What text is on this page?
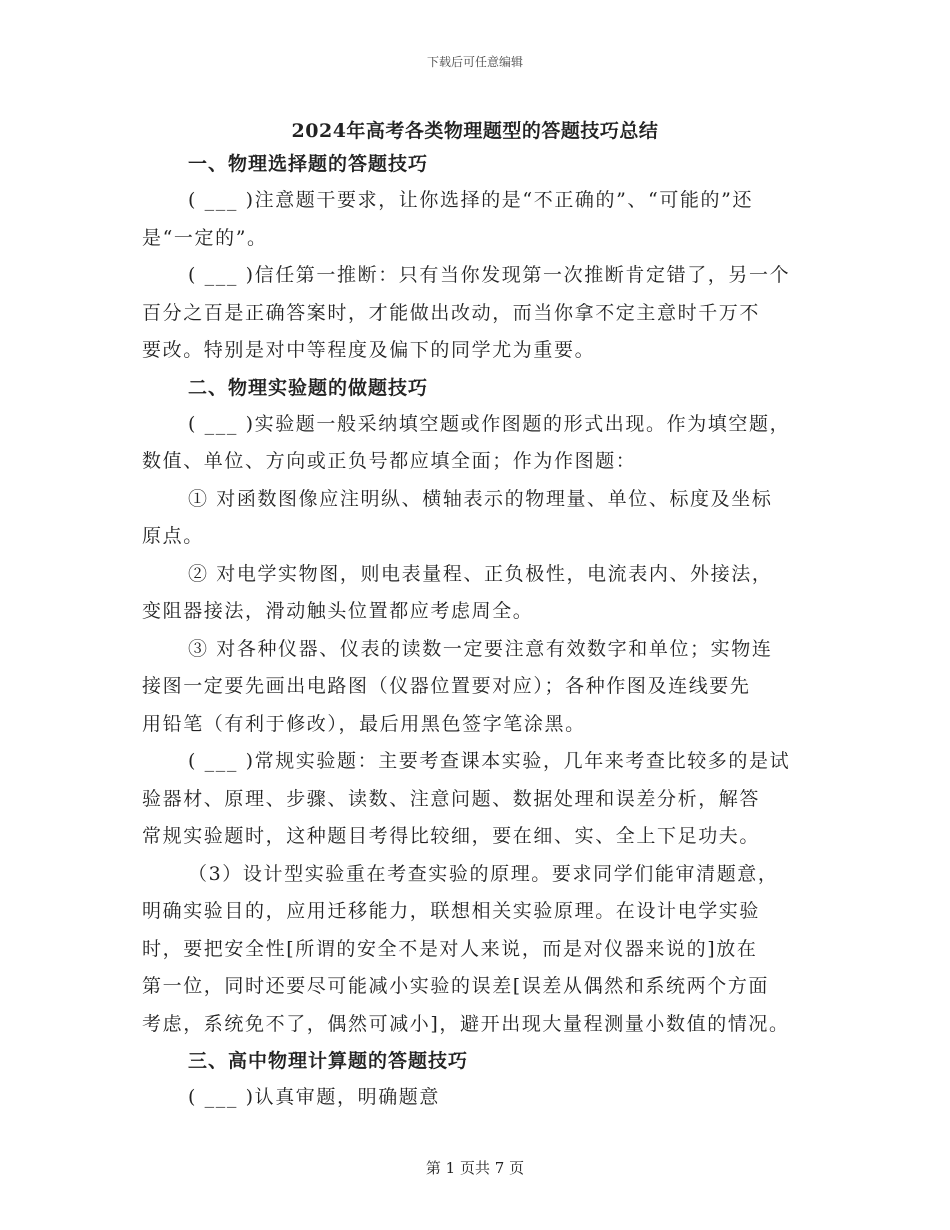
下载后可任意编辑
2024年高考各类物理题型的答题技巧总结
一、物理选择题的答题技巧
( ___ )注意题干要求，让你选择的是“不正确的”、“可能的”还
是“一定的”。
( ___ )信任第一推断：只有当你发现第一次推断肯定错了，另一个
百分之百是正确答案时，才能做出改动，而当你拿不定主意时千万不
要改。特别是对中等程度及偏下的同学尤为重要。
二、物理实验题的做题技巧
( ___ )实验题一般采纳填空题或作图题的形式出现。作为填空题，
数值、单位、方向或正负号都应填全面；作为作图题：
① 对函数图像应注明纵、横轴表示的物理量、单位、标度及坐标
原点。
② 对电学实物图，则电表量程、正负极性，电流表内、外接法，
变阻器接法，滑动触头位置都应考虑周全。
③ 对各种仪器、仪表的读数一定要注意有效数字和单位；实物连
接图一定要先画出电路图（仪器位置要对应）；各种作图及连线要先
用铅笔（有利于修改），最后用黑色签字笔涂黑。
( ___ )常规实验题：主要考查课本实验，几年来考查比较多的是试
验器材、原理、步骤、读数、注意问题、数据处理和误差分析，解答
常规实验题时，这种题目考得比较细，要在细、实、全上下足功夫。
（3）设计型实验重在考查实验的原理。要求同学们能审清题意，
明确实验目的，应用迁移能力，联想相关实验原理。在设计电学实验
时，要把安全性[所谓的安全不是对人来说，而是对仪器来说的]放在
第一位，同时还要尽可能减小实验的误差[误差从偶然和系统两个方面
考虑，系统免不了，偶然可减小]，避开出现大量程测量小数值的情况。
三、高中物理计算题的答题技巧
( ___ )认真审题，明确题意
第 1 页共 7 页
